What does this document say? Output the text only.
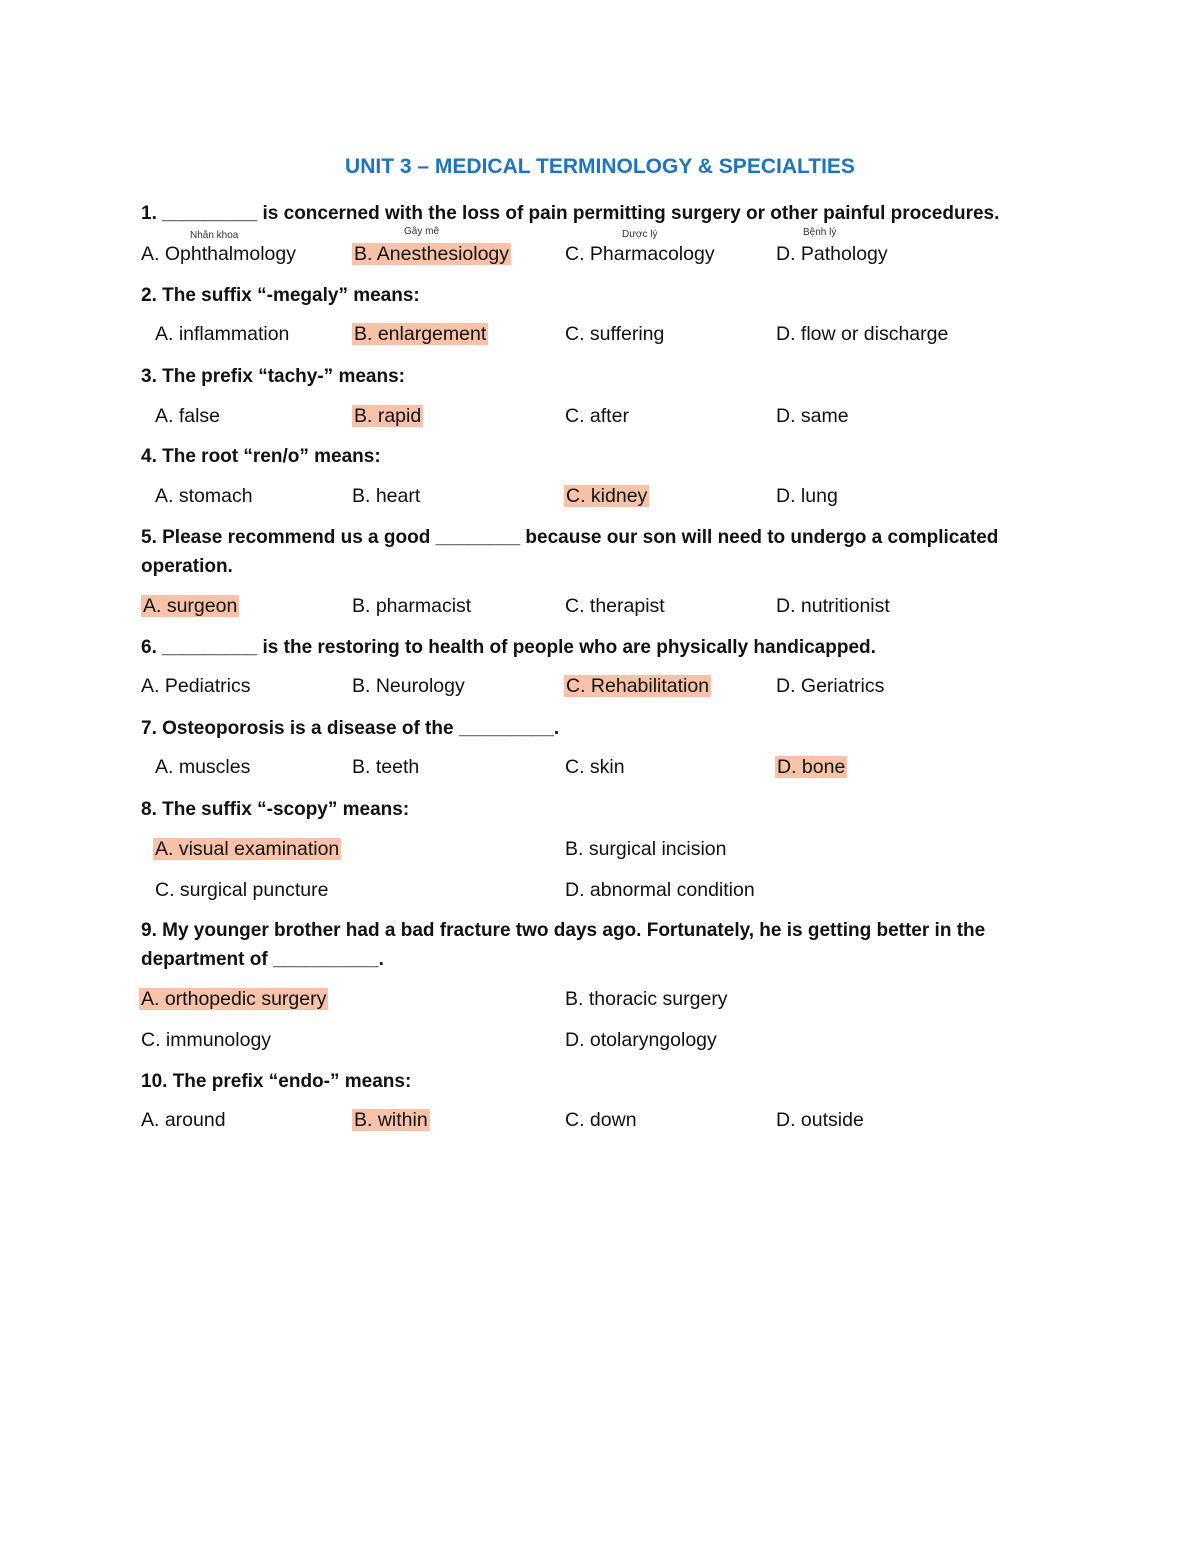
UNIT 3 – MEDICAL TERMINOLOGY & SPECIALTIES
1. _________ is concerned with the loss of pain permitting surgery or other painful procedures.
Nhãn khoa	Gây mê	Dược lý	Bệnh lý
A. Ophthalmology	B. Anesthesiology	C. Pharmacology	D. Pathology
2. The suffix “-megaly” means:
A. inflammation	B. enlargement	C. suffering	D. flow or discharge
3. The prefix “tachy-” means:
A. false	B. rapid	C. after	D. same
4. The root “ren/o” means:
A. stomach	B. heart	C. kidney	D. lung
5. Please recommend us a good ________ because our son will need to undergo a complicated
operation.
A. surgeon	B. pharmacist	C. therapist	D. nutritionist
6. _________ is the restoring to health of people who are physically handicapped.
A. Pediatrics	B. Neurology	C. Rehabilitation	D. Geriatrics
7. Osteoporosis is a disease of the _________.
A. muscles	B. teeth	C. skin	D. bone
8. The suffix “-scopy” means:
A. visual examination	B. surgical incision
C. surgical puncture	D. abnormal condition
9. My younger brother had a bad fracture two days ago. Fortunately, he is getting better in the
department of __________.
A. orthopedic surgery	B. thoracic surgery
C. immunology	D. otolaryngology
10. The prefix “endo-” means:
A. around	B. within	C. down	D. outside
